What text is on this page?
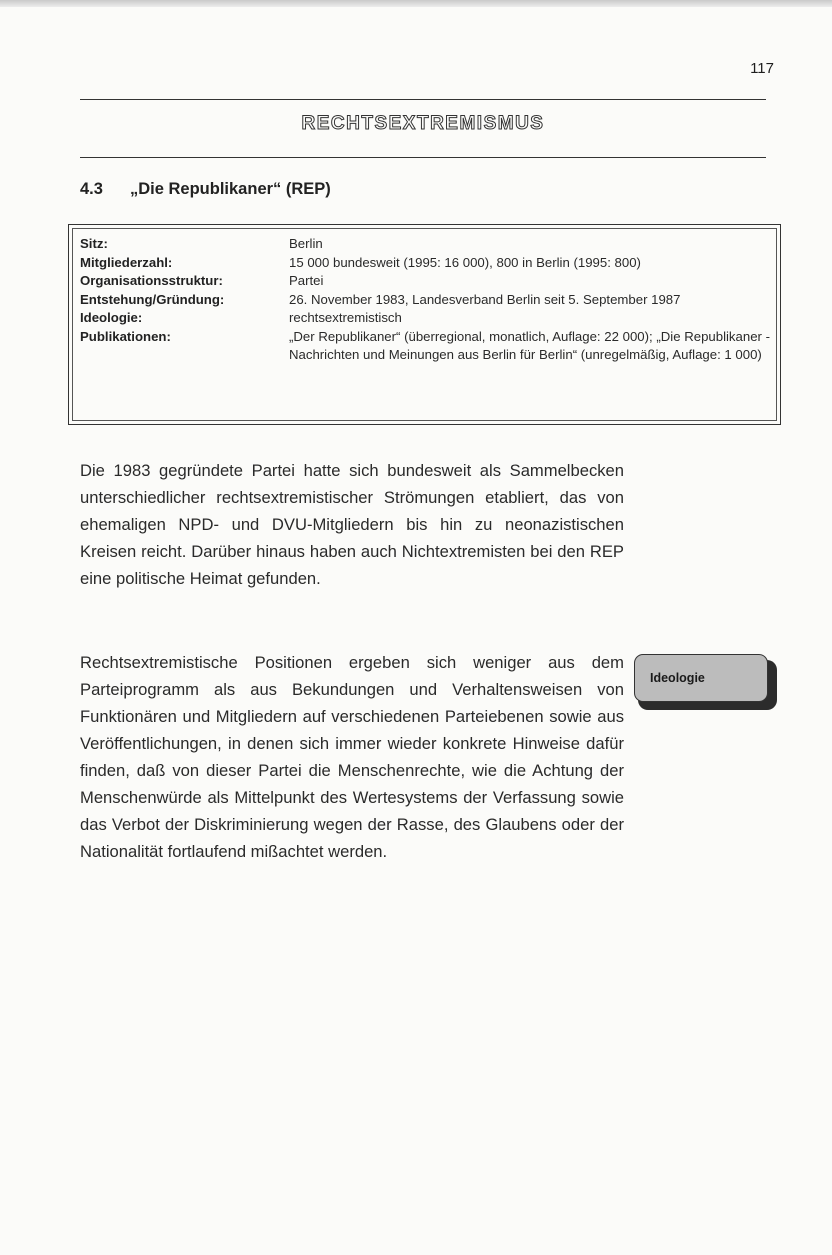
117
RECHTSEXTREMISMUS
4.3 „Die Republikaner“ (REP)
Sitz:	Berlin
Mitgliederzahl:	15 000 bundesweit (1995: 16 000), 800 in Berlin (1995: 800)
Organisationsstruktur:	Partei
Entstehung/Gründung:	26. November 1983, Landesverband Berlin seit 5. September 1987
Ideologie:	rechtsextremistisch
Publikationen:	„Der Republikaner“ (überregional, monatlich, Auflage: 22 000); „Die Republikaner - Nachrichten und Meinungen aus Berlin für Berlin“ (unregelmäßig, Auflage: 1 000)

Die 1983 gegründete Partei hatte sich bundesweit als Sammelbecken unterschiedlicher rechtsextremistischer Strömungen etabliert, das von ehemaligen NPD- und DVU-Mitgliedern bis hin zu neonazistischen Kreisen reicht. Darüber hinaus haben auch Nichtextremisten bei den REP eine politische Heimat gefunden.

Rechtsextremistische Positionen ergeben sich weniger aus dem Parteiprogramm als aus Bekundungen und Verhaltensweisen von Funktionären und Mitgliedern auf verschiedenen Parteiebenen sowie aus Veröffentlichungen, in denen sich immer wieder konkrete Hinweise dafür finden, daß von dieser Partei die Menschenrechte, wie die Achtung der Menschenwürde als Mittelpunkt des Wertesystems der Verfassung sowie das Verbot der Diskriminierung wegen der Rasse, des Glaubens oder der Nationalität fortlaufend mißachtet werden.

Ideologie
